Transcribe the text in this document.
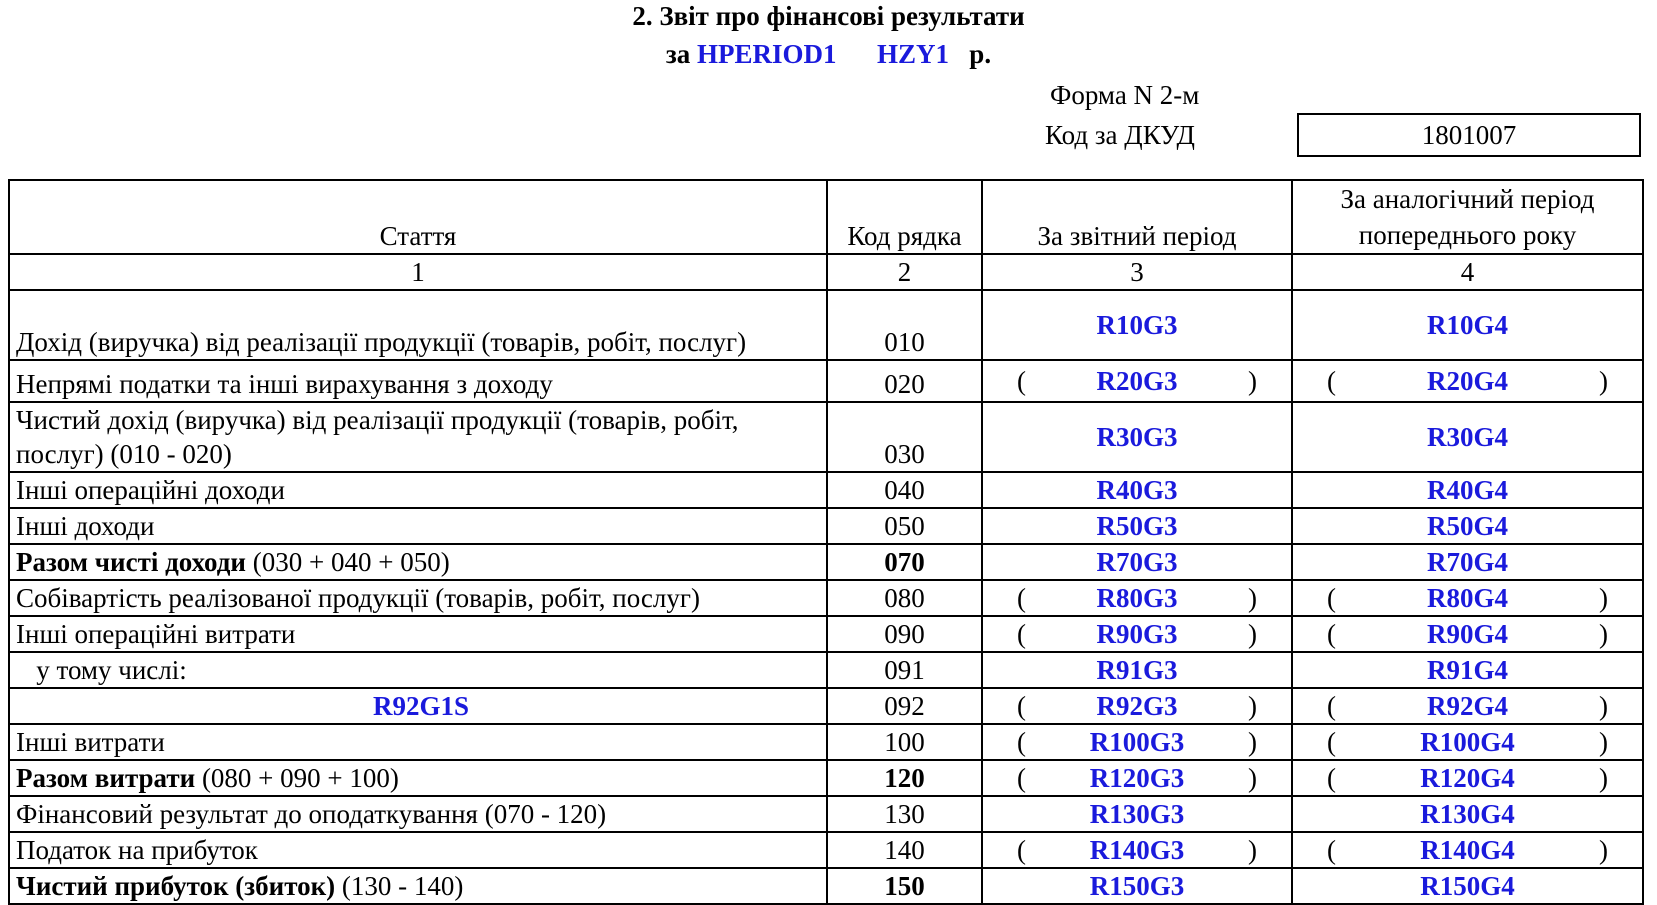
2. Звіт про фінансові результати
за HPERIOD1 HZY1 р.
Форма N 2-м
Код за ДКУД	1801007
Стаття	Код рядка	За звітний період	За аналогічний період попереднього року
1	2	3	4
Дохід (виручка) від реалізації продукції (товарів, робіт, послуг)	010	R10G3	R10G4
Непрямі податки та інші вирахування з доходу	020	( R20G3 )	( R20G4 )

Чистий дохід (виручка) від реалізації продукції (товарів, робіт, послуг) (010 - 020)	030	R30G3	R30G4
Інші операційні доходи	040	R40G3	R40G4
Інші доходи	050	R50G3	R50G4
Разом чисті доходи (030 + 040 + 050)	070	R70G3	R70G4
Собівартість реалізованої продукції (товарів, робіт, послуг)	080	( R80G3 )	( R80G4 )

Інші операційні витрати	090	( R90G3 )	( R90G4 )

у тому числі:	091	R91G3	R91G4
R92G1S	092	( R92G3 )	( R92G4 )

Інші витрати	100	( R100G3 )	( R100G4 )

Разом витрати (080 + 090 + 100)	120	( R120G3 )	( R120G4 )

Фінансовий результат до оподаткування (070 - 120)	130	R130G3	R130G4
Податок на прибуток	140	( R140G3 )	( R140G4 )

Чистий прибуток (збиток) (130 - 140)	150	R150G3	R150G4
